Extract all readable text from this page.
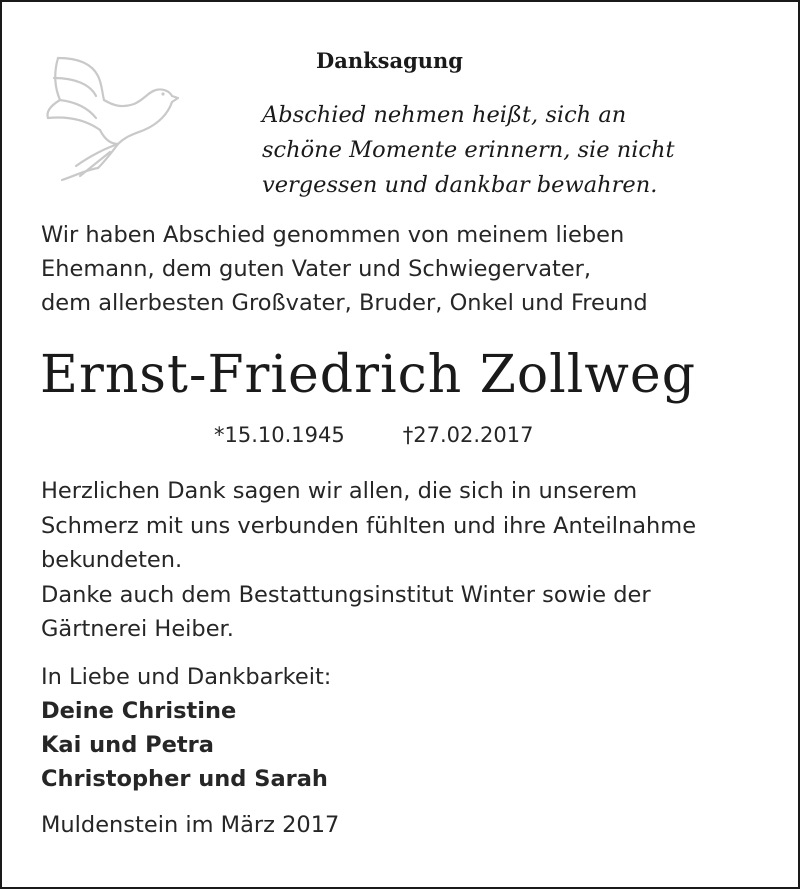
Danksagung
Abschied nehmen heißt, sich an
schöne Momente erinnern, sie nicht
vergessen und dankbar bewahren.
Wir haben Abschied genommen von meinem lieben
Ehemann, dem guten Vater und Schwiegervater,
dem allerbesten Großvater, Bruder, Onkel und Freund
Ernst-Friedrich Zollweg
*15.10.1945	†27.02.2017
Herzlichen Dank sagen wir allen, die sich in unserem
Schmerz mit uns verbunden fühlten und ihre Anteilnahme
bekundeten.
Danke auch dem Bestattungsinstitut Winter sowie der
Gärtnerei Heiber.
In Liebe und Dankbarkeit:
Deine Christine
Kai und Petra
Christopher und Sarah
Muldenstein im März 2017
